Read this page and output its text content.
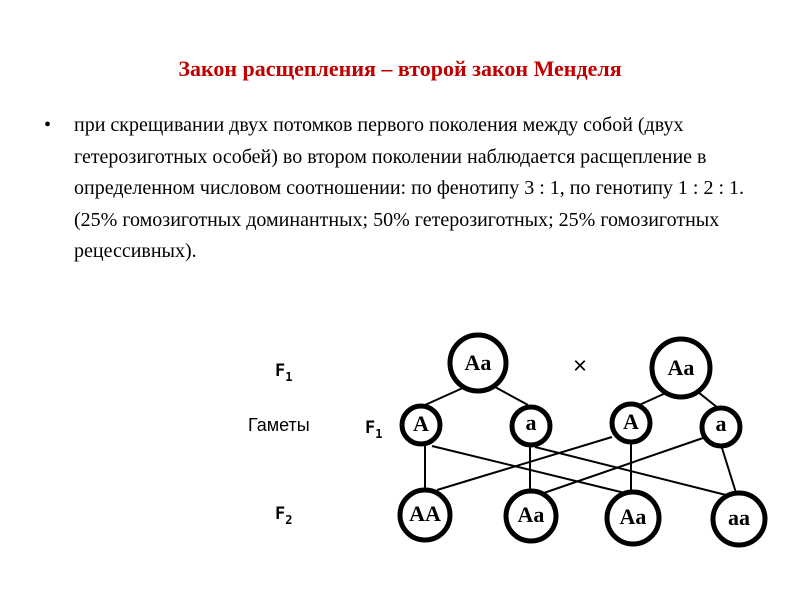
Закон расщепления – второй закон Менделя
•	при скрещивании двух потомков первого поколения между собой (двух гетерозиготных особей) во втором поколении наблюдается расщепление в определенном числовом соотношении: по фенотипу 3 : 1, по генотипу 1 : 2 : 1. (25% гомозиготных доминантных; 50% гетерозиготных; 25% гомозиготных рецессивных).
$F_1$
Гаметы	$F_1$
$F_2$
×
Aa	Aa
A	a	A	a
AA	Aa	Aa	aa
